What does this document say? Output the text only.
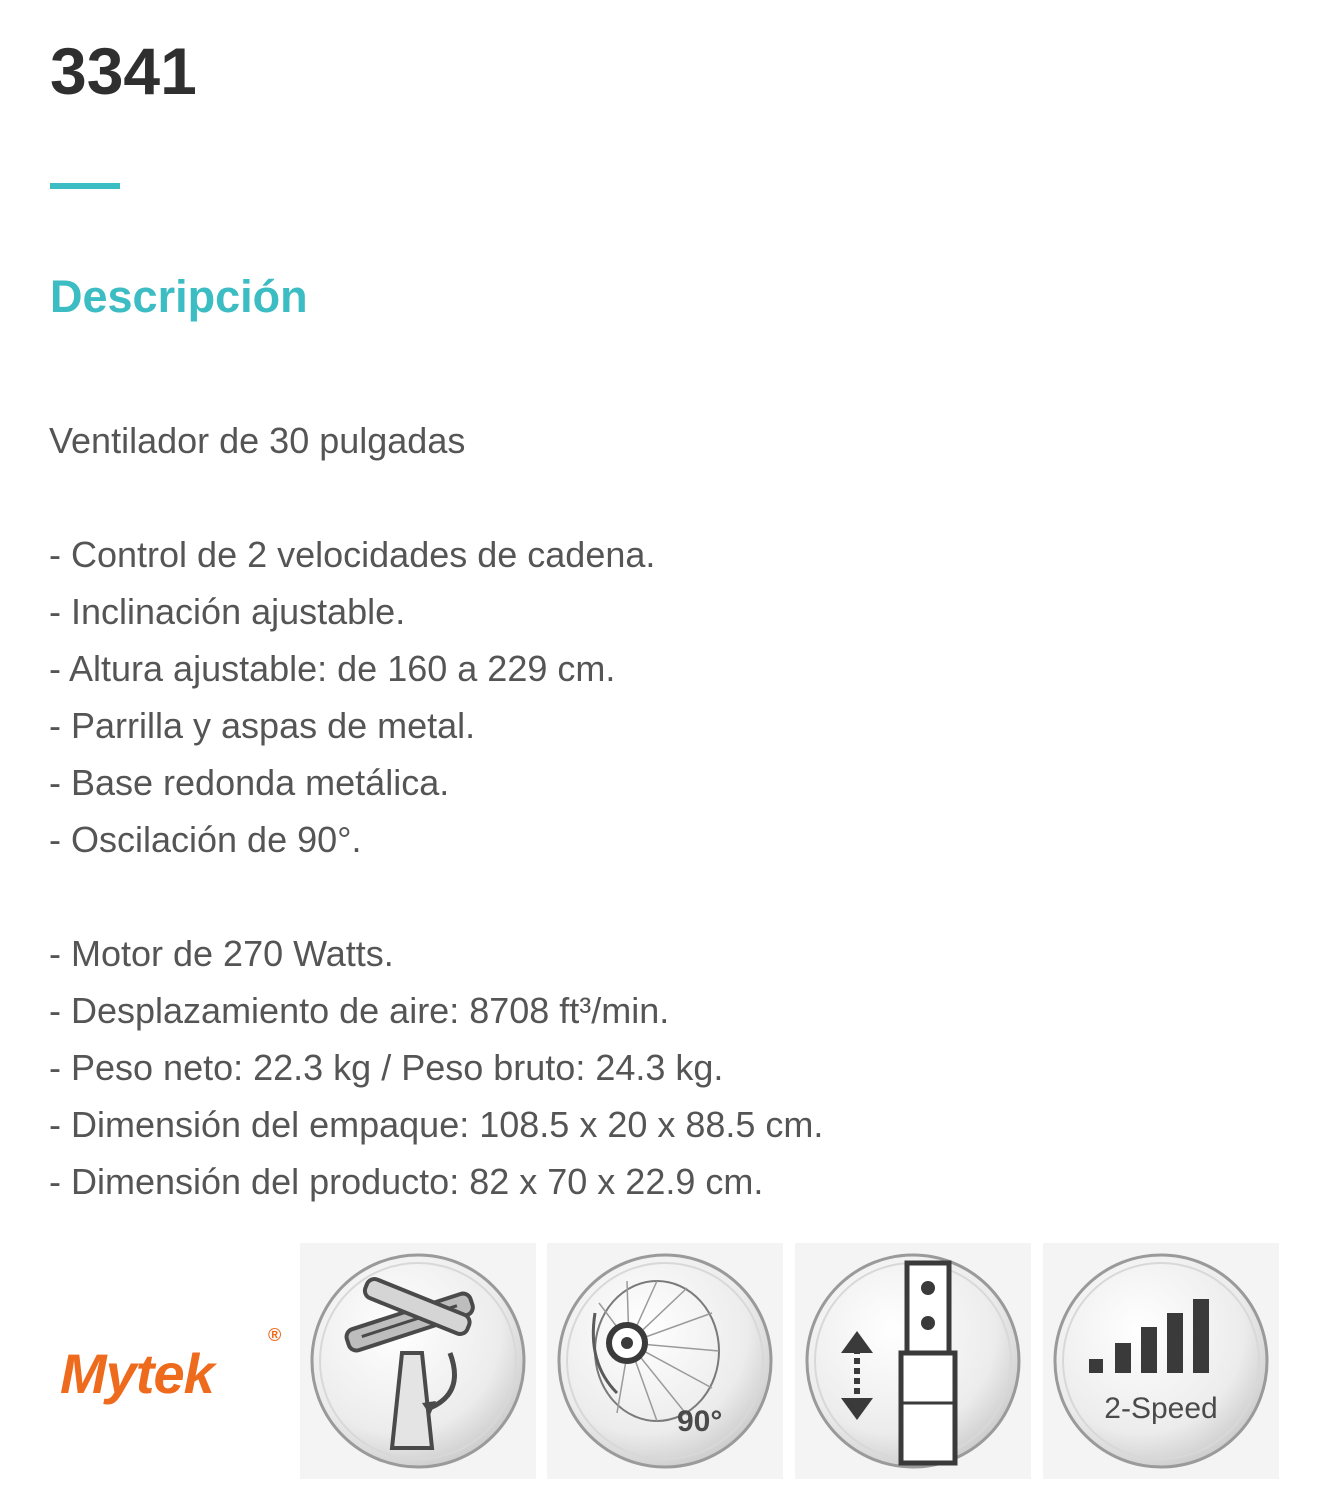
3341
Descripción
Ventilador de 30 pulgadas
- Control de 2 velocidades de cadena.
- Inclinación ajustable.
- Altura ajustable: de 160 a 229 cm.
- Parrilla y aspas de metal.
- Base redonda metálica.
- Oscilación de 90°.
- Motor de 270 Watts.
- Desplazamiento de aire: 8708 ft³/min.
- Peso neto: 22.3 kg / Peso bruto: 24.3 kg.
- Dimensión del empaque: 108.5 x 20 x 88.5 cm.
- Dimensión del producto: 82 x 70 x 22.9 cm.
Mytek
®
90°	2-Speed
